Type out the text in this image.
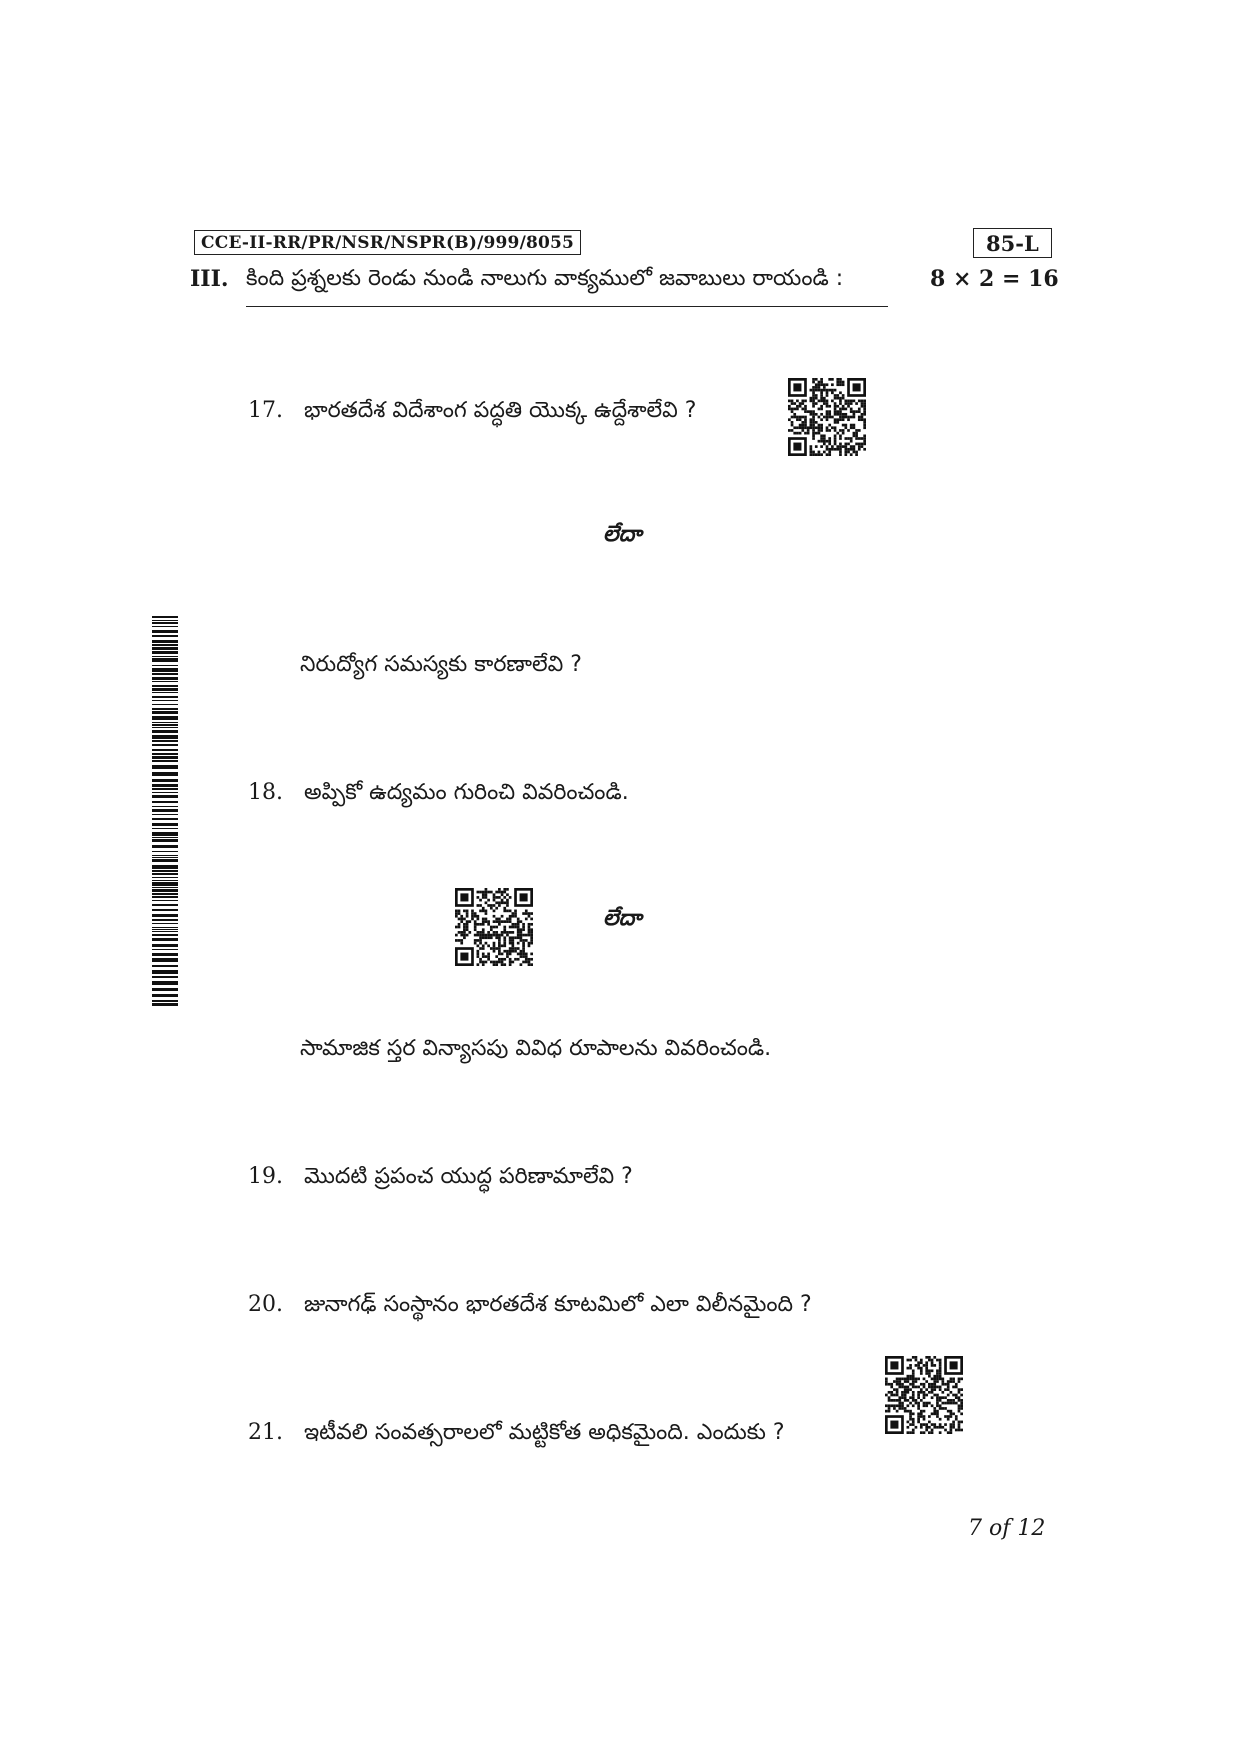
CCE-II-RR/PR/NSR/NSPR(B)/999/8055	85-L
III. కింది ప్రశ్నలకు రెండు నుండి నాలుగు వాక్యములో జవాబులు రాయండి :	8 × 2 = 16
17. భారతదేశ విదేశాంగ పద్ధతి యొక్క ఉద్దేశాలేవి ?
లేదా
నిరుద్యోగ సమస్యకు కారణాలేవి ?
18. అప్పికో ఉద్యమం గురించి వివరించండి.
లేదా
సామాజిక స్తర విన్యాసపు వివిధ రూపాలను వివరించండి.
19. మొదటి ప్రపంచ యుద్ధ పరిణామాలేవి ?
20. జునాగఢ్ సంస్థానం భారతదేశ కూటమిలో ఎలా విలీనమైంది ?
21. ఇటీవలి సంవత్సరాలలో మట్టికోత అధికమైంది. ఎందుకు ?
7 of 12
